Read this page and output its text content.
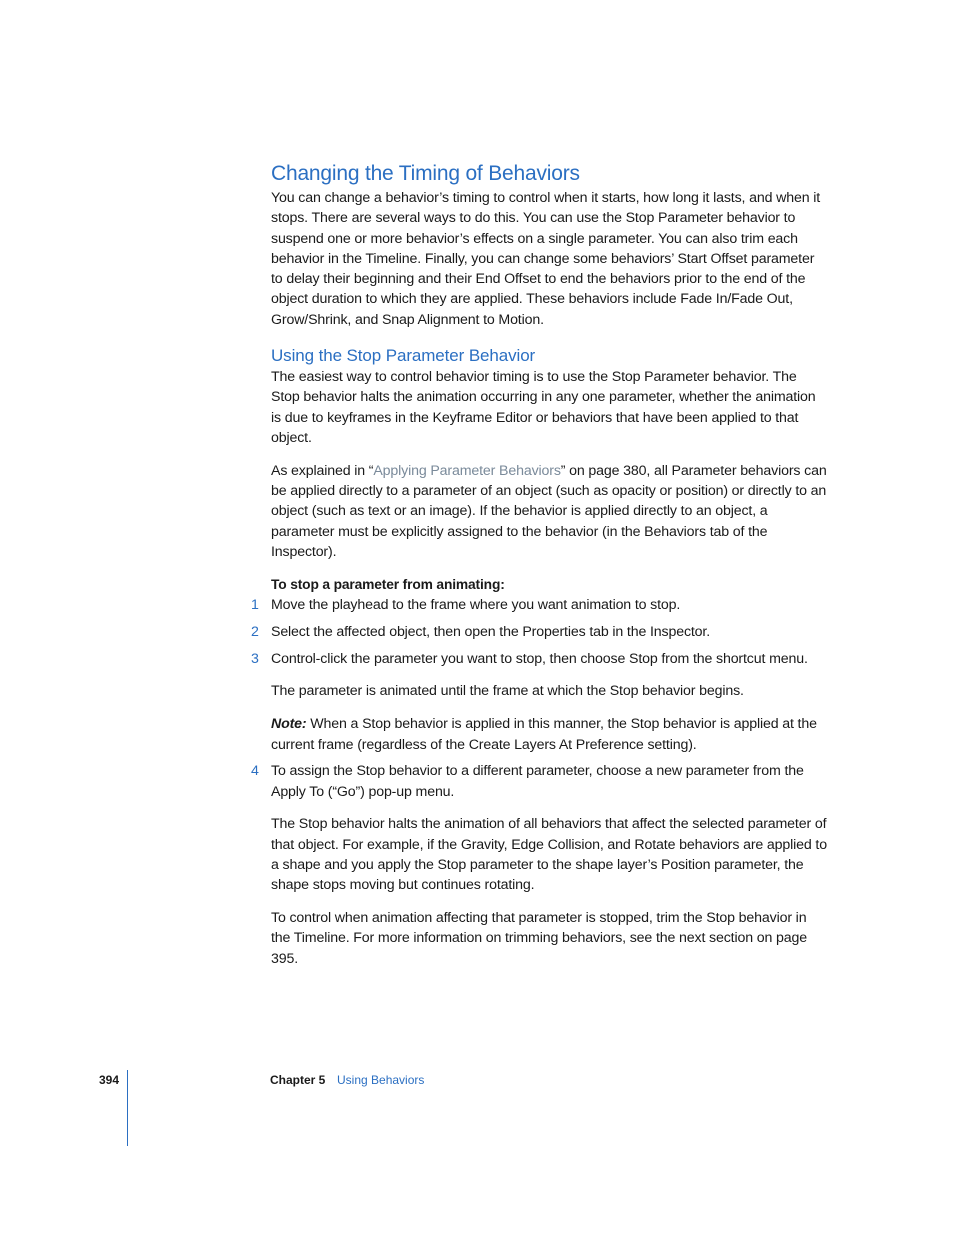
Changing the Timing of Behaviors

You can change a behavior’s timing to control when it starts, how long it lasts, and when it stops. There are several ways to do this. You can use the Stop Parameter behavior to suspend one or more behavior’s effects on a single parameter. You can also trim each behavior in the Timeline. Finally, you can change some behaviors’ Start Offset parameter to delay their beginning and their End Offset to end the behaviors prior to the end of the object duration to which they are applied. These behaviors include Fade In/Fade Out, Grow/Shrink, and Snap Alignment to Motion.

Using the Stop Parameter Behavior

The easiest way to control behavior timing is to use the Stop Parameter behavior. The Stop behavior halts the animation occurring in any one parameter, whether the animation is due to keyframes in the Keyframe Editor or behaviors that have been applied to that object.

As explained in “Applying Parameter Behaviors” on page 380, all Parameter behaviors can be applied directly to a parameter of an object (such as opacity or position) or directly to an object (such as text or an image). If the behavior is applied directly to an object, a parameter must be explicitly assigned to the behavior (in the Behaviors tab of the Inspector).

To stop a parameter from animating:

1 Move the playhead to the frame where you want animation to stop.

2 Select the affected object, then open the Properties tab in the Inspector.

3 Control-click the parameter you want to stop, then choose Stop from the shortcut menu.

The parameter is animated until the frame at which the Stop behavior begins.

Note: When a Stop behavior is applied in this manner, the Stop behavior is applied at the current frame (regardless of the Create Layers At Preference setting).

4 To assign the Stop behavior to a different parameter, choose a new parameter from the Apply To (“Go”) pop-up menu.

The Stop behavior halts the animation of all behaviors that affect the selected parameter of that object. For example, if the Gravity, Edge Collision, and Rotate behaviors are applied to a shape and you apply the Stop parameter to the shape layer’s Position parameter, the shape stops moving but continues rotating.

To control when animation affecting that parameter is stopped, trim the Stop behavior in the Timeline. For more information on trimming behaviors, see the next section on page 395.

394	Chapter 5 Using Behaviors
